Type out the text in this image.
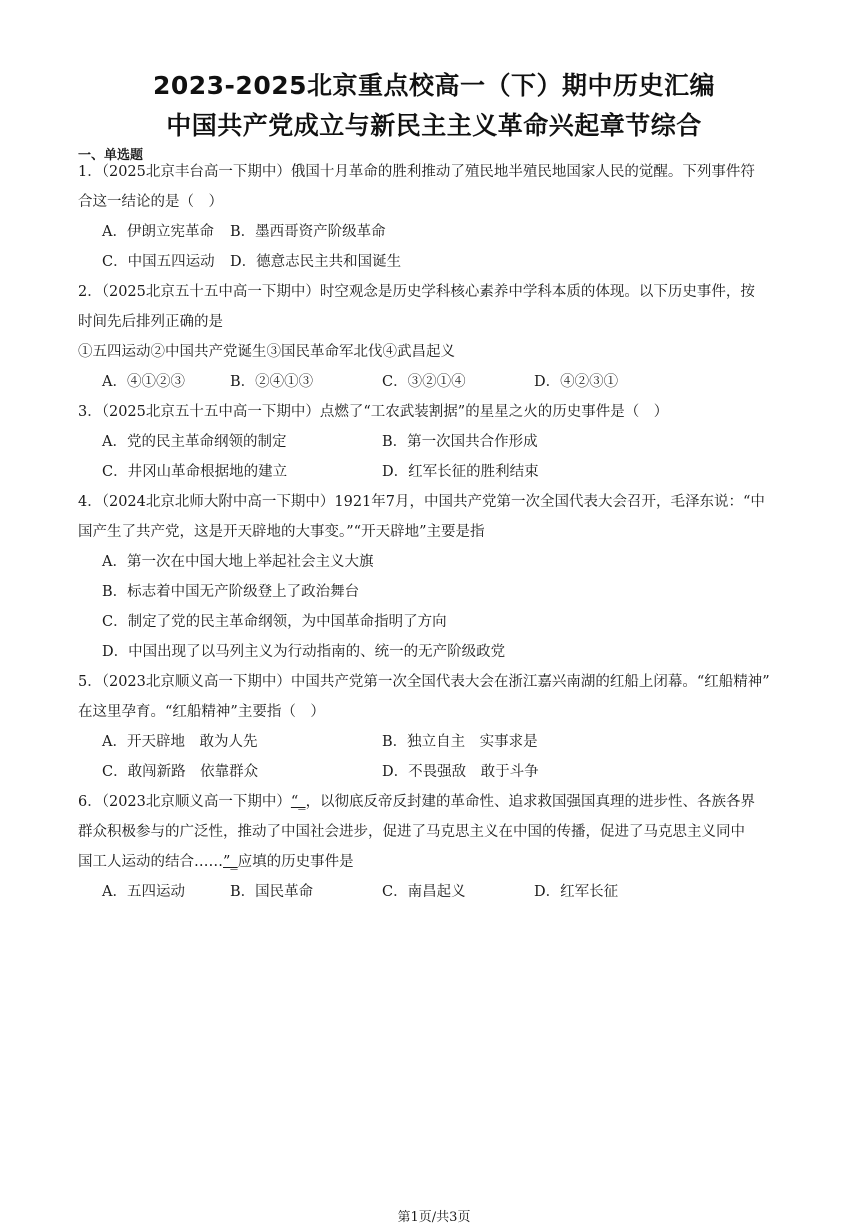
2023-2025北京重点校高一（下）期中历史汇编
中国共产党成立与新民主主义革命兴起章节综合
一、单选题
1．（2025北京丰台高一下期中）俄国十月革命的胜利推动了殖民地半殖民地国家人民的觉醒。下列事件符
合这一结论的是（　）
A．伊朗立宪革命 B．墨西哥资产阶级革命
C．中国五四运动 D．德意志民主共和国诞生
2．（2025北京五十五中高一下期中）时空观念是历史学科核心素养中学科本质的体现。以下历史事件，按
时间先后排列正确的是
①五四运动②中国共产党诞生③国民革命军北伐④武昌起义
A．④①②③	B．②④①③	C．③②①④	D．④②③①
3．（2025北京五十五中高一下期中）点燃了“工农武装割据”的星星之火的历史事件是（　）
A．党的民主革命纲领的制定	B．第一次国共合作形成
C．井冈山革命根据地的建立	D．红军长征的胜利结束
4．（2024北京北师大附中高一下期中）1921年7月，中国共产党第一次全国代表大会召开，毛泽东说：“中
国产生了共产党，这是开天辟地的大事变。”“开天辟地”主要是指
A．第一次在中国大地上举起社会主义大旗
B．标志着中国无产阶级登上了政治舞台
C．制定了党的民主革命纲领，为中国革命指明了方向
D．中国出现了以马列主义为行动指南的、统一的无产阶级政党
5．（2023北京顺义高一下期中）中国共产党第一次全国代表大会在浙江嘉兴南湖的红船上闭幕。“红船精神”
在这里孕育。“红船精神”主要指（　）
A．开天辟地　敢为人先	B．独立自主　实事求是
C．敢闯新路　依靠群众	D．不畏强敌　敢于斗争
6．（2023北京顺义高一下期中）“_，以彻底反帝反封建的革命性、追求救国强国真理的进步性、各族各界
群众积极参与的广泛性，推动了中国社会进步，促进了马克思主义在中国的传播，促进了马克思主义同中
国工人运动的结合……”_应填的历史事件是
A．五四运动	B．国民革命	C．南昌起义	D．红军长征
第1页/共3页
